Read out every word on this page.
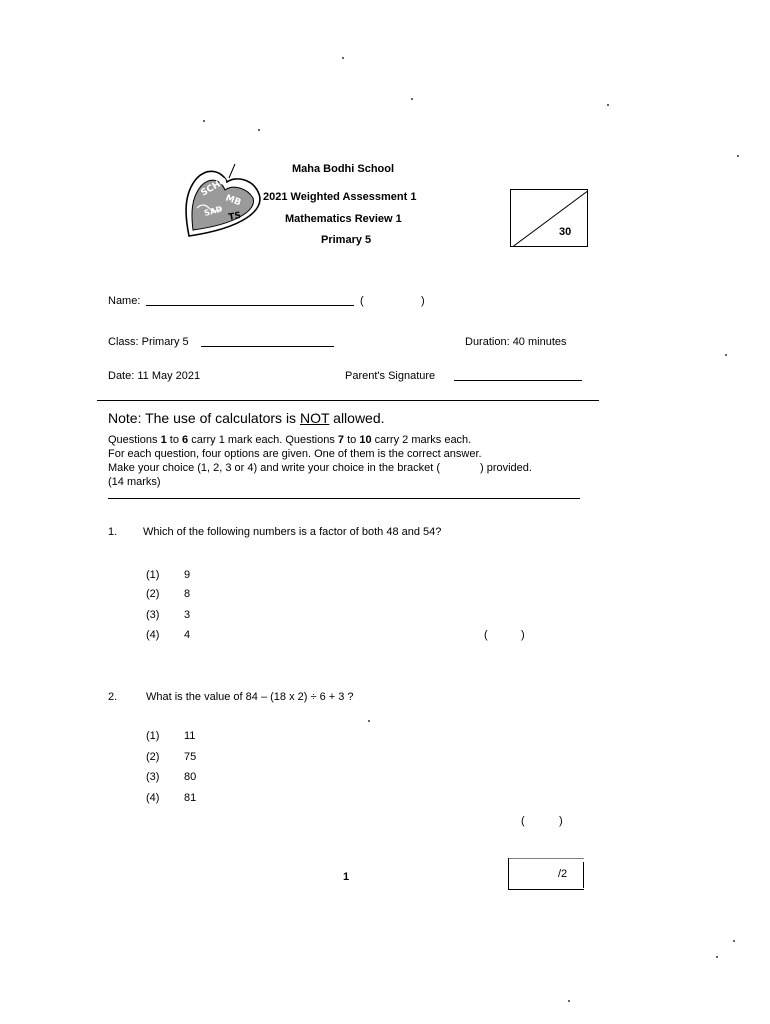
SCHO
MB
SAD TS
Maha Bodhi School
2021 Weighted Assessment 1
Mathematics Review 1
Primary 5
30
Name:	(	)
Class: Primary 5	Duration: 40 minutes
Date: 11 May 2021	Parent's Signature
Note: The use of calculators is NOT allowed.
Questions 1 to 6 carry 1 mark each. Questions 7 to 10 carry 2 marks each.
For each question, four options are given. One of them is the correct answer.
Make your choice (1, 2, 3 or 4) and write your choice in the bracket (	) provided.
(14 marks)
1. Which of the following numbers is a factor of both 48 and 54?
(1) 9
(2) 8
(3) 3
(4) 4	(	)
2.	What is the value of 84 – (18 x 2) ÷ 6 + 3 ?
(1) 11
(2) 75
(3) 80
(4) 81
(	)
1	/2
